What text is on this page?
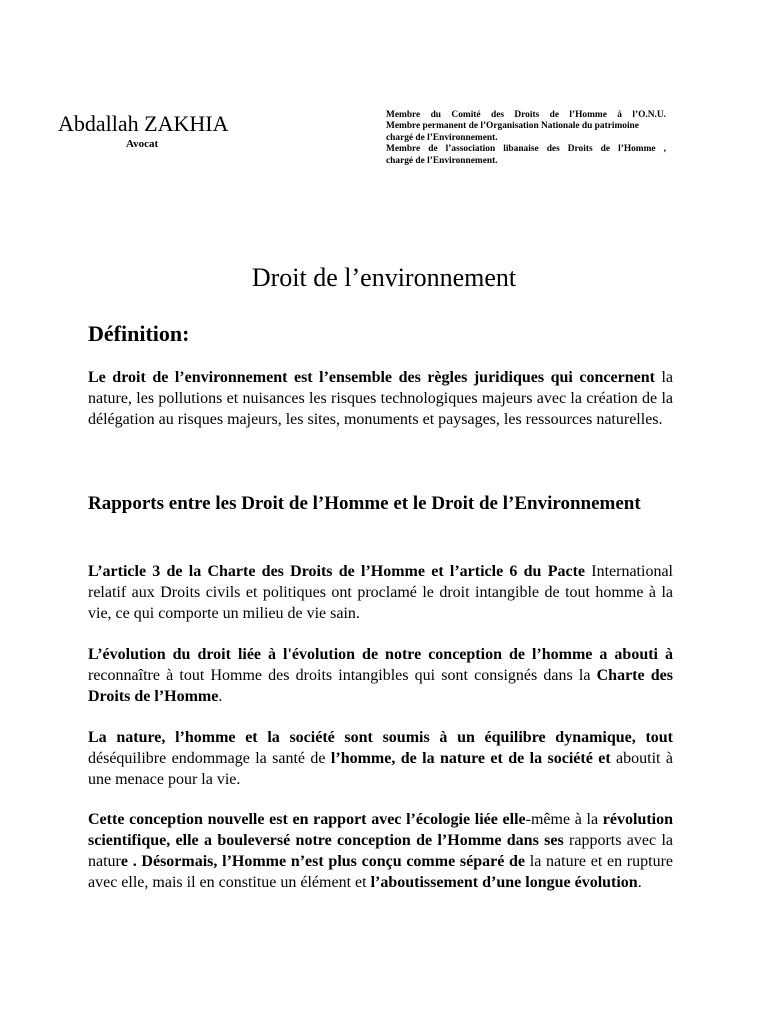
Abdallah ZAKHIA
Avocat
Membre du Comité des Droits de l’Homme à l’O.N.U.
Membre permanent de l’Organisation Nationale du patrimoine
chargé de l’Environnement.
Membre de l’association libanaise des Droits de l’Homme ,
chargé de l’Environnement.
Droit de l’environnement
Définition:
Le droit de l’environnement est l’ensemble des règles juridiques qui concernent la nature, les pollutions et nuisances les risques technologiques majeurs avec la création de la délégation au risques majeurs, les sites, monuments et paysages, les ressources naturelles.
Rapports entre les Droit de l’Homme et le Droit de l’Environnement
L’article 3 de la Charte des Droits de l’Homme et l’article 6 du Pacte International relatif aux Droits civils et politiques ont proclamé le droit intangible de tout homme à la vie, ce qui comporte un milieu de vie sain.
L’évolution du droit liée à l'évolution de notre conception de l’homme a abouti à reconnaître à tout Homme des droits intangibles qui sont consignés dans la Charte des Droits de l’Homme.
La nature, l’homme et la société sont soumis à un équilibre dynamique, tout déséquilibre endommage la santé de l’homme, de la nature et de la société et aboutit à une menace pour la vie.
Cette conception nouvelle est en rapport avec l’écologie liée elle-même à la révolution scientifique, elle a bouleversé notre conception de l’Homme dans ses rapports avec la nature . Désormais, l’Homme n’est plus conçu comme séparé de la nature et en rupture avec elle, mais il en constitue un élément et l’aboutissement d’une longue évolution.
